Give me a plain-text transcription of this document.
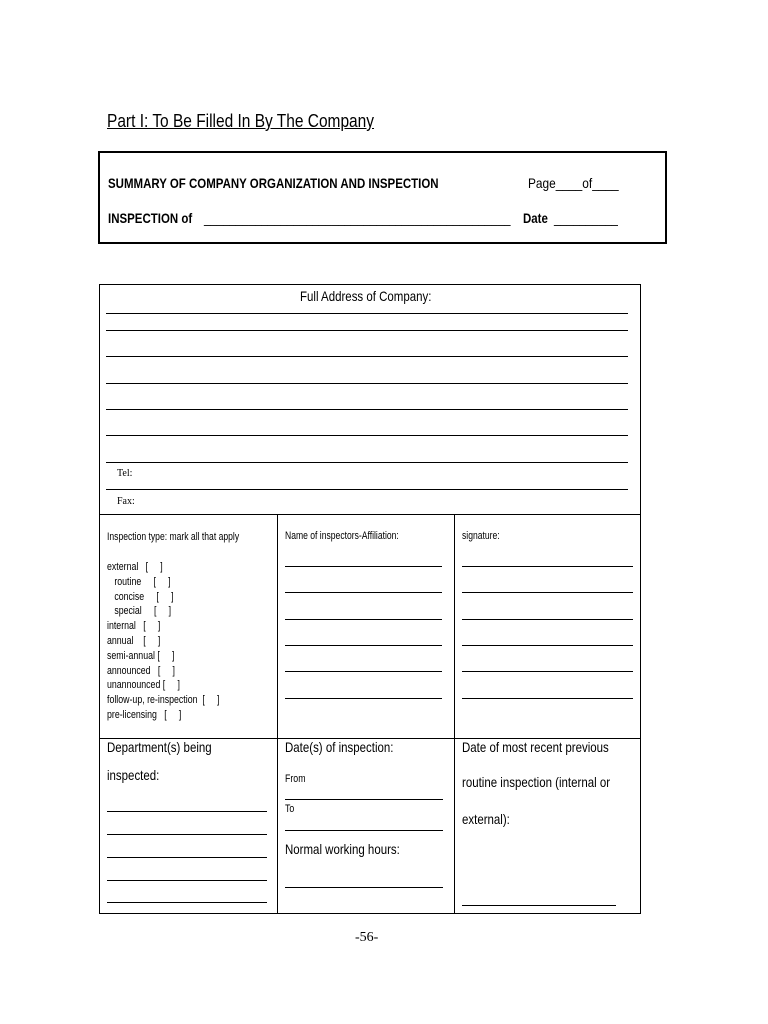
Part I: To Be Filled In By The Company
SUMMARY OF COMPANY ORGANIZATION AND INSPECTION	Page____of____
INSPECTION of ________________________________________________ Date __________
Full Address of Company:
Tel:
Fax:
Inspection type: mark all that apply
external   [     ]
routine     [     ]
concise     [     ]
special     [     ]
internal   [     ]
annual    [     ]
semi-annual [     ]
announced   [     ]
unannounced [     ]
follow-up, re-inspection  [     ]
pre-licensing   [     ]
Name of inspectors-Affiliation:	signature:
Department(s) being
inspected:
Date(s) of inspection:
From
To
Normal working hours:
Date of most recent previous
routine inspection (internal or
external):
-56-
